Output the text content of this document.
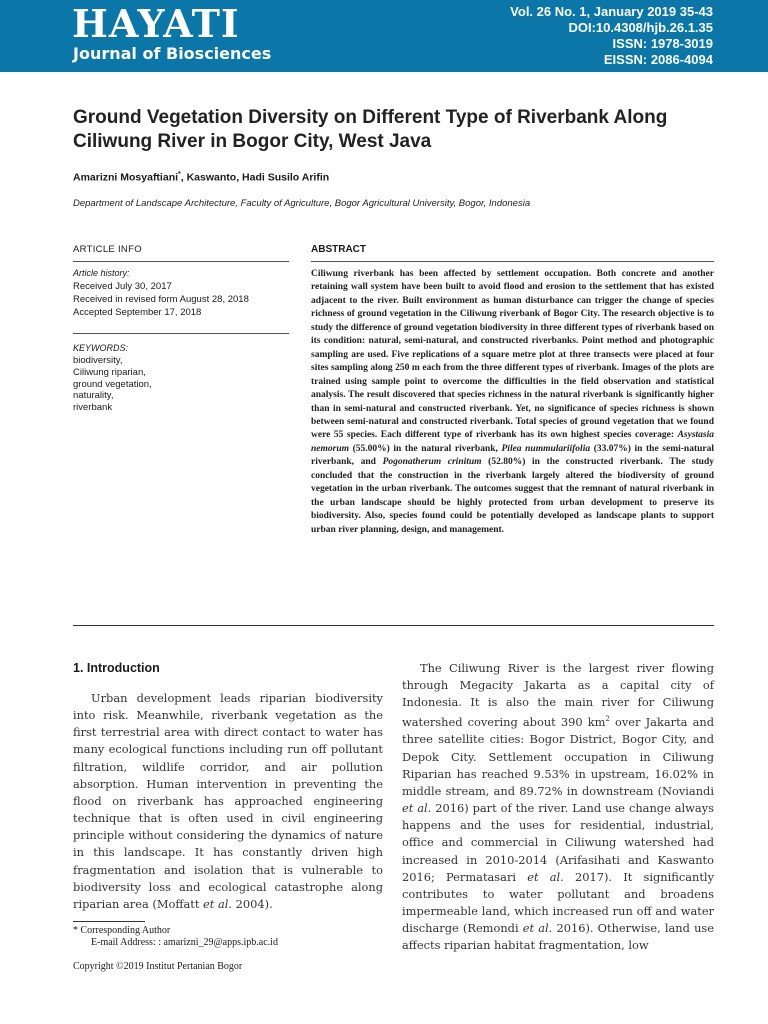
HAYATI
Journal of Biosciences
Vol. 26 No. 1, January 2019 35-43
DOI:10.4308/hjb.26.1.35
ISSN: 1978-3019
EISSN: 2086-4094
Ground Vegetation Diversity on Different Type of Riverbank Along Ciliwung River in Bogor City, West Java
Amarizni Mosyaftiani*, Kaswanto, Hadi Susilo Arifin
Department of Landscape Architecture, Faculty of Agriculture, Bogor Agricultural University, Bogor, Indonesia
ARTICLE INFO
Article history:
Received July 30, 2017
Received in revised form August 28, 2018
Accepted September 17, 2018
KEYWORDS:
biodiversity,
Ciliwung riparian,
ground vegetation,
naturality,
riverbank
ABSTRACT

Ciliwung riverbank has been affected by settlement occupation. Both concrete and another retaining wall system have been built to avoid flood and erosion to the settlement that has existed adjacent to the river. Built environment as human disturbance can trigger the change of species richness of ground vegetation in the Ciliwung riverbank of Bogor City. The research objective is to study the difference of ground vegetation biodiversity in three different types of riverbank based on its condition: natural, semi-natural, and constructed riverbanks. Point method and photographic sampling are used. Five replications of a square metre plot at three transects were placed at four sites sampling along 250 m each from the three different types of riverbank. Images of the plots are trained using sample point to overcome the difficulties in the field observation and statistical analysis. The result discovered that species richness in the natural riverbank is significantly higher than in semi-natural and constructed riverbank. Yet, no significance of species richness is shown between semi-natural and constructed riverbank. Total species of ground vegetation that we found were 55 species. Each different type of riverbank has its own highest species coverage: Asystasia nemorum (55.00%) in the natural riverbank, Pilea nummulariifolia (33.07%) in the semi-natural riverbank, and Pogonatherum crinitum (52.80%) in the constructed riverbank. The study concluded that the construction in the riverbank largely altered the biodiversity of ground vegetation in the urban riverbank. The outcomes suggest that the remnant of natural riverbank in the urban landscape should be highly protected from urban development to preserve its biodiversity. Also, species found could be potentially developed as landscape plants to support urban river planning, design, and management.

1. Introduction

Urban development leads riparian biodiversity into risk. Meanwhile, riverbank vegetation as the first terrestrial area with direct contact to water has many ecological functions including run off pollutant filtration, wildlife corridor, and air pollution absorption. Human intervention in preventing the flood on riverbank has approached engineering technique that is often used in civil engineering principle without considering the dynamics of nature in this landscape. It has constantly driven high fragmentation and isolation that is vulnerable to biodiversity loss and ecological catastrophe along riparian area (Moffatt et al. 2004).

The Ciliwung River is the largest river flowing through Megacity Jakarta as a capital city of Indonesia. It is also the main river for Ciliwung watershed covering about 390 $km^2$ over Jakarta and three satellite cities: Bogor District, Bogor City, and Depok City. Settlement occupation in Ciliwung Riparian has reached 9.53% in upstream, 16.02% in middle stream, and 89.72% in downstream (Noviandi et al. 2016) part of the river. Land use change always happens and the uses for residential, industrial, office and commercial in Ciliwung watershed had increased in 2010-2014 (Arifasihati and Kaswanto 2016; Permatasari et al. 2017). It significantly contributes to water pollutant and broadens impermeable land, which increased run off and water discharge (Remondi et al. 2016). Otherwise, land use affects riparian habitat fragmentation, low

* Corresponding Author
E-mail Address: : amarizni_29@apps.ipb.ac.id
Copyright ©2019 Institut Pertanian Bogor
